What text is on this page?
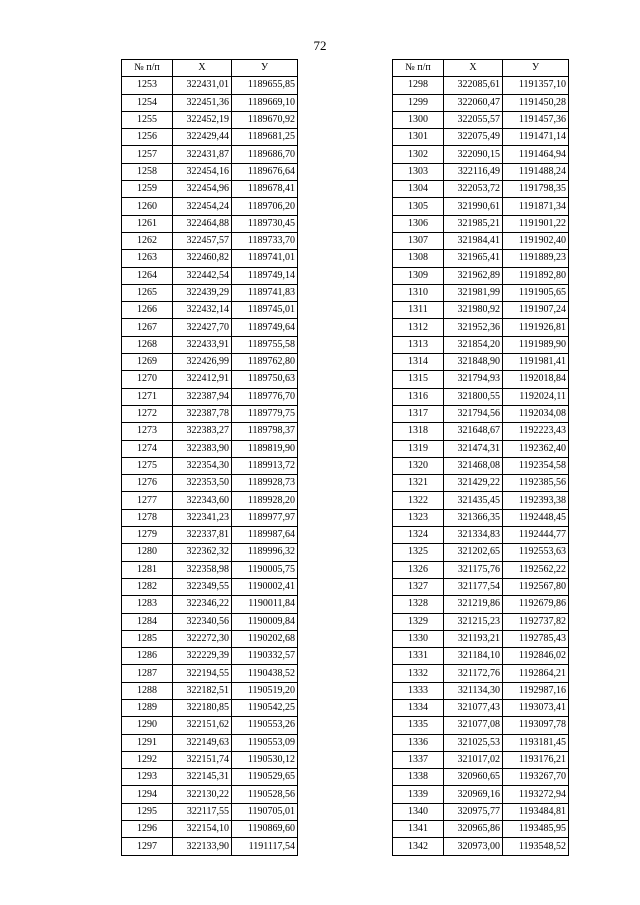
72
№ п/п	Х	У
1253	322431,01	1189655,85
1254	322451,36	1189669,10
1255	322452,19	1189670,92
1256	322429,44	1189681,25
1257	322431,87	1189686,70
1258	322454,16	1189676,64
1259	322454,96	1189678,41
1260	322454,24	1189706,20
1261	322464,88	1189730,45
1262	322457,57	1189733,70
1263	322460,82	1189741,01
1264	322442,54	1189749,14
1265	322439,29	1189741,83
1266	322432,14	1189745,01
1267	322427,70	1189749,64
1268	322433,91	1189755,58
1269	322426,99	1189762,80
1270	322412,91	1189750,63
1271	322387,94	1189776,70
1272	322387,78	1189779,75
1273	322383,27	1189798,37
1274	322383,90	1189819,90
1275	322354,30	1189913,72
1276	322353,50	1189928,73
1277	322343,60	1189928,20
1278	322341,23	1189977,97
1279	322337,81	1189987,64
1280	322362,32	1189996,32
1281	322358,98	1190005,75
1282	322349,55	1190002,41
1283	322346,22	1190011,84
1284	322340,56	1190009,84
1285	322272,30	1190202,68
1286	322229,39	1190332,57
1287	322194,55	1190438,52
1288	322182,51	1190519,20
1289	322180,85	1190542,25
1290	322151,62	1190553,26
1291	322149,63	1190553,09
1292	322151,74	1190530,12
1293	322145,31	1190529,65
1294	322130,22	1190528,56
1295	322117,55	1190705,01
1296	322154,10	1190869,60
1297	322133,90	1191117,54
№ п/п	Х	У
1298	322085,61	1191357,10
1299	322060,47	1191450,28
1300	322055,57	1191457,36
1301	322075,49	1191471,14
1302	322090,15	1191464,94
1303	322116,49	1191488,24
1304	322053,72	1191798,35
1305	321990,61	1191871,34
1306	321985,21	1191901,22
1307	321984,41	1191902,40
1308	321965,41	1191889,23
1309	321962,89	1191892,80
1310	321981,99	1191905,65
1311	321980,92	1191907,24
1312	321952,36	1191926,81
1313	321854,20	1191989,90
1314	321848,90	1191981,41
1315	321794,93	1192018,84
1316	321800,55	1192024,11
1317	321794,56	1192034,08
1318	321648,67	1192223,43
1319	321474,31	1192362,40
1320	321468,08	1192354,58
1321	321429,22	1192385,56
1322	321435,45	1192393,38
1323	321366,35	1192448,45
1324	321334,83	1192444,77
1325	321202,65	1192553,63
1326	321175,76	1192562,22
1327	321177,54	1192567,80
1328	321219,86	1192679,86
1329	321215,23	1192737,82
1330	321193,21	1192785,43
1331	321184,10	1192846,02
1332	321172,76	1192864,21
1333	321134,30	1192987,16
1334	321077,43	1193073,41
1335	321077,08	1193097,78
1336	321025,53	1193181,45
1337	321017,02	1193176,21
1338	320960,65	1193267,70
1339	320969,16	1193272,94
1340	320975,77	1193484,81
1341	320965,86	1193485,95
1342	320973,00	1193548,52
